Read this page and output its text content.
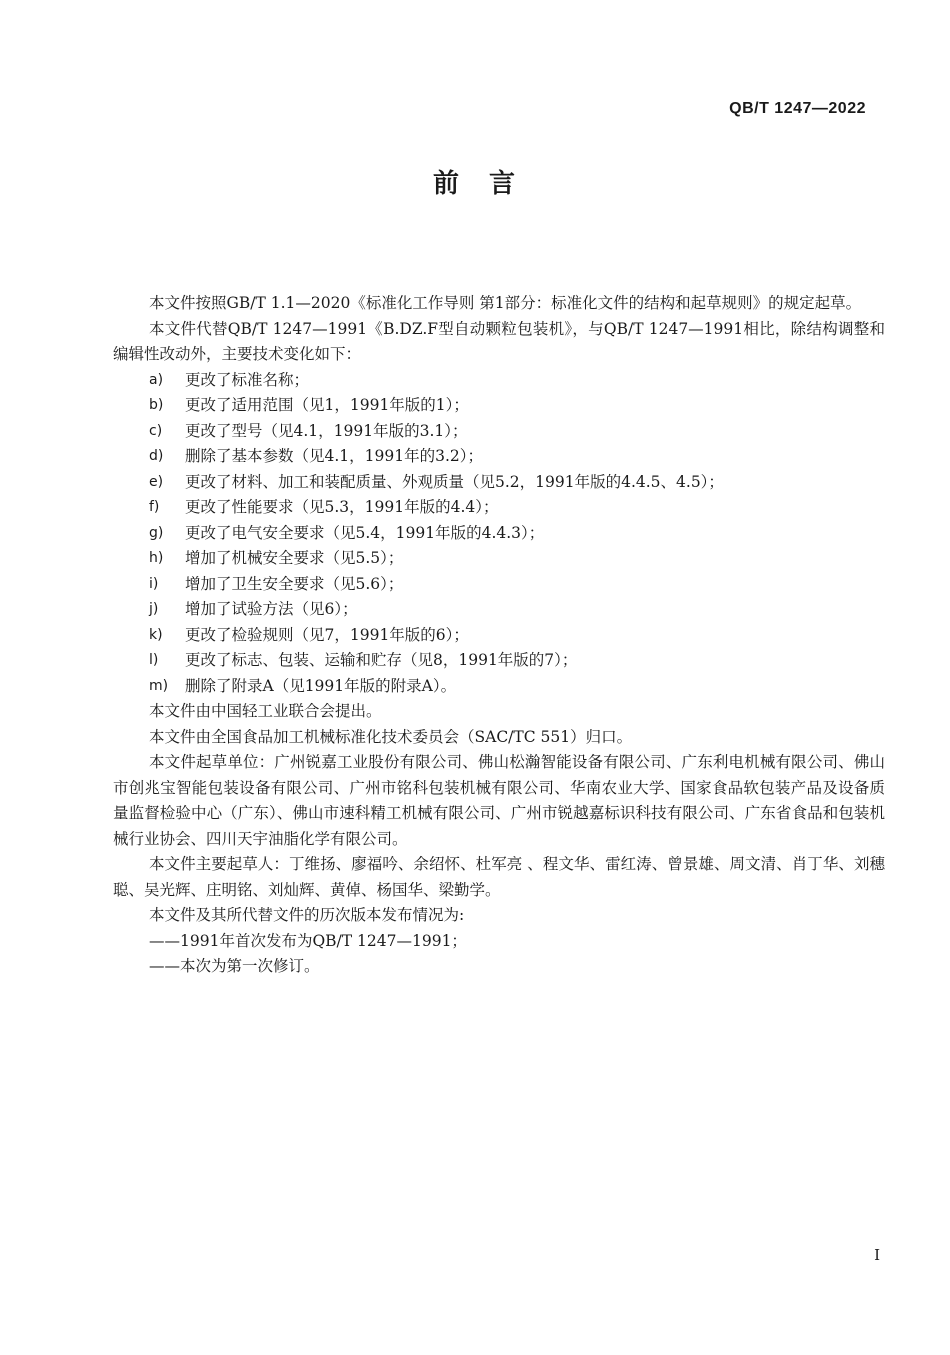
QB/T 1247—2022
前　言

本文件按照GB/T 1.1—2020《标准化工作导则 第1部分：标准化文件的结构和起草规则》的规定起草。

本文件代替QB/T 1247—1991《B.DZ.F型自动颗粒包装机》，与QB/T 1247—1991相比，除结构调整和编辑性改动外，主要技术变化如下：

a)	更改了标准名称；
b)	更改了适用范围（见1，1991年版的1）；
c)	更改了型号（见4.1，1991年版的3.1）；
d)	删除了基本参数（见4.1，1991年的3.2）；
e)	更改了材料、加工和装配质量、外观质量（见5.2，1991年版的4.4.5、4.5）；
f)	更改了性能要求（见5.3，1991年版的4.4）；
g)	更改了电气安全要求（见5.4，1991年版的4.4.3）；
h)	增加了机械安全要求（见5.5）；
i)	增加了卫生安全要求（见5.6）；
j)	增加了试验方法（见6）；
k)	更改了检验规则（见7，1991年版的6）；
l)	更改了标志、包装、运输和贮存（见8，1991年版的7）；
m)	删除了附录A（见1991年版的附录A）。

本文件由中国轻工业联合会提出。

本文件由全国食品加工机械标准化技术委员会（SAC/TC 551）归口。

本文件起草单位：广州锐嘉工业股份有限公司、佛山松瀚智能设备有限公司、广东利电机械有限公司、佛山市创兆宝智能包装设备有限公司、广州市铭科包装机械有限公司、华南农业大学、国家食品软包装产品及设备质量监督检验中心（广东）、佛山市速科精工机械有限公司、广州市锐越嘉标识科技有限公司、广东省食品和包装机械行业协会、四川天宇油脂化学有限公司。

本文件主要起草人：丁维扬、廖福吟、余绍怀、杜军亮 、程文华、雷红涛、曾景雄、周文清、肖丁华、刘穗聪、吴光辉、庄明铭、刘灿辉、黄倬、杨国华、梁勤学。

本文件及其所代替文件的历次版本发布情况为:

——1991年首次发布为QB/T 1247—1991；

——本次为第一次修订。

I
